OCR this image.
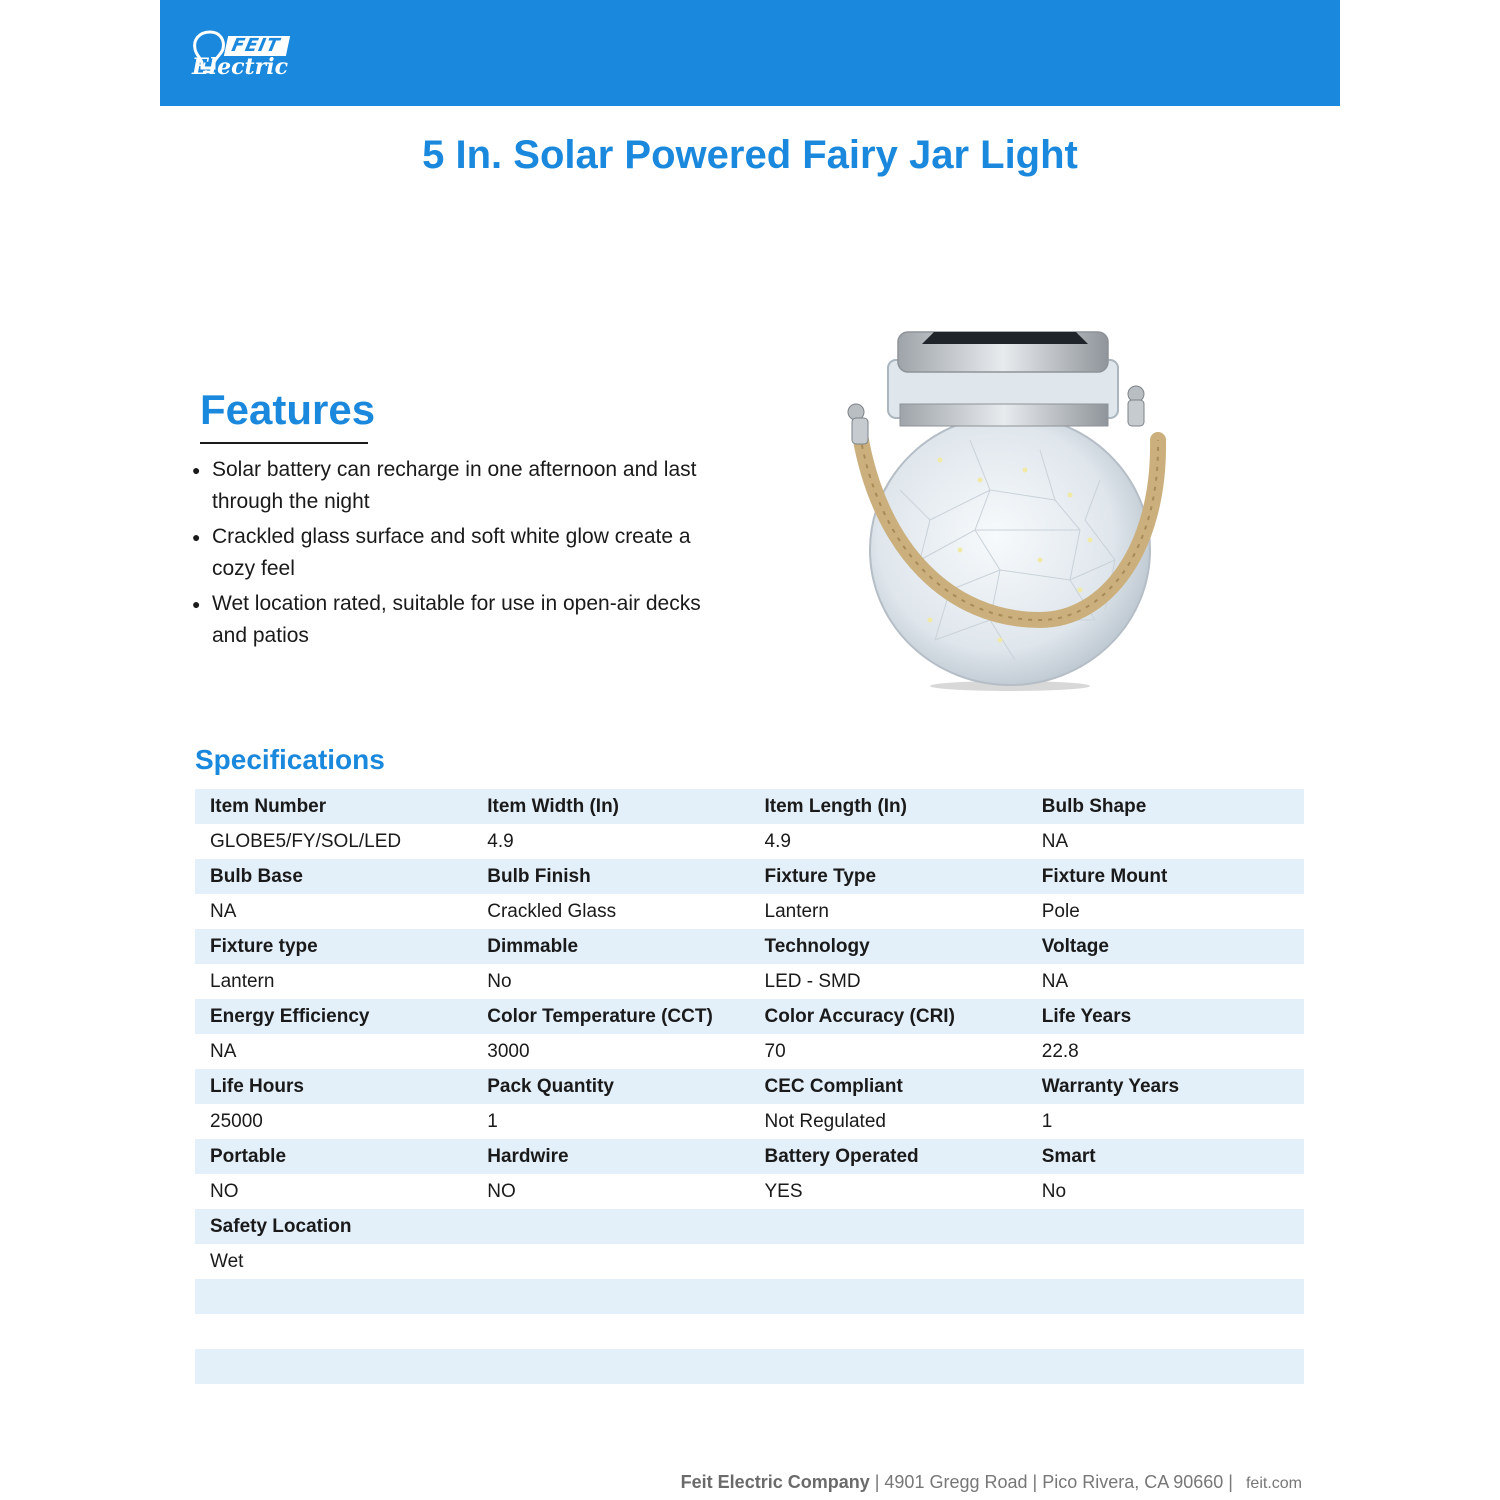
FEIT
Electric
5 In. Solar Powered Fairy Jar Light
Features
● Solar battery can recharge in one afternoon and last through the night
● Crackled glass surface and soft white glow create a cozy feel
● Wet location rated, suitable for use in open-air decks and patios
Specifications
Item Number	Item Width (In)	Item Length (In)	Bulb Shape
GLOBE5/FY/SOL/LED	4.9	4.9	NA
Bulb Base	Bulb Finish	Fixture Type	Fixture Mount
NA	Crackled Glass	Lantern	Pole
Fixture type	Dimmable	Technology	Voltage
Lantern	No	LED - SMD	NA
Energy Efficiency	Color Temperature (CCT)	Color Accuracy (CRI)	Life Years
NA	3000	70	22.8
Life Hours	Pack Quantity	CEC Compliant	Warranty Years
25000	1	Not Regulated	1
Portable	Hardwire	Battery Operated	Smart
NO	NO	YES	No
Safety Location			
Wet			

Feit Electric Company | 4901 Gregg Road | Pico Rivera, CA 90660 | feit.com
